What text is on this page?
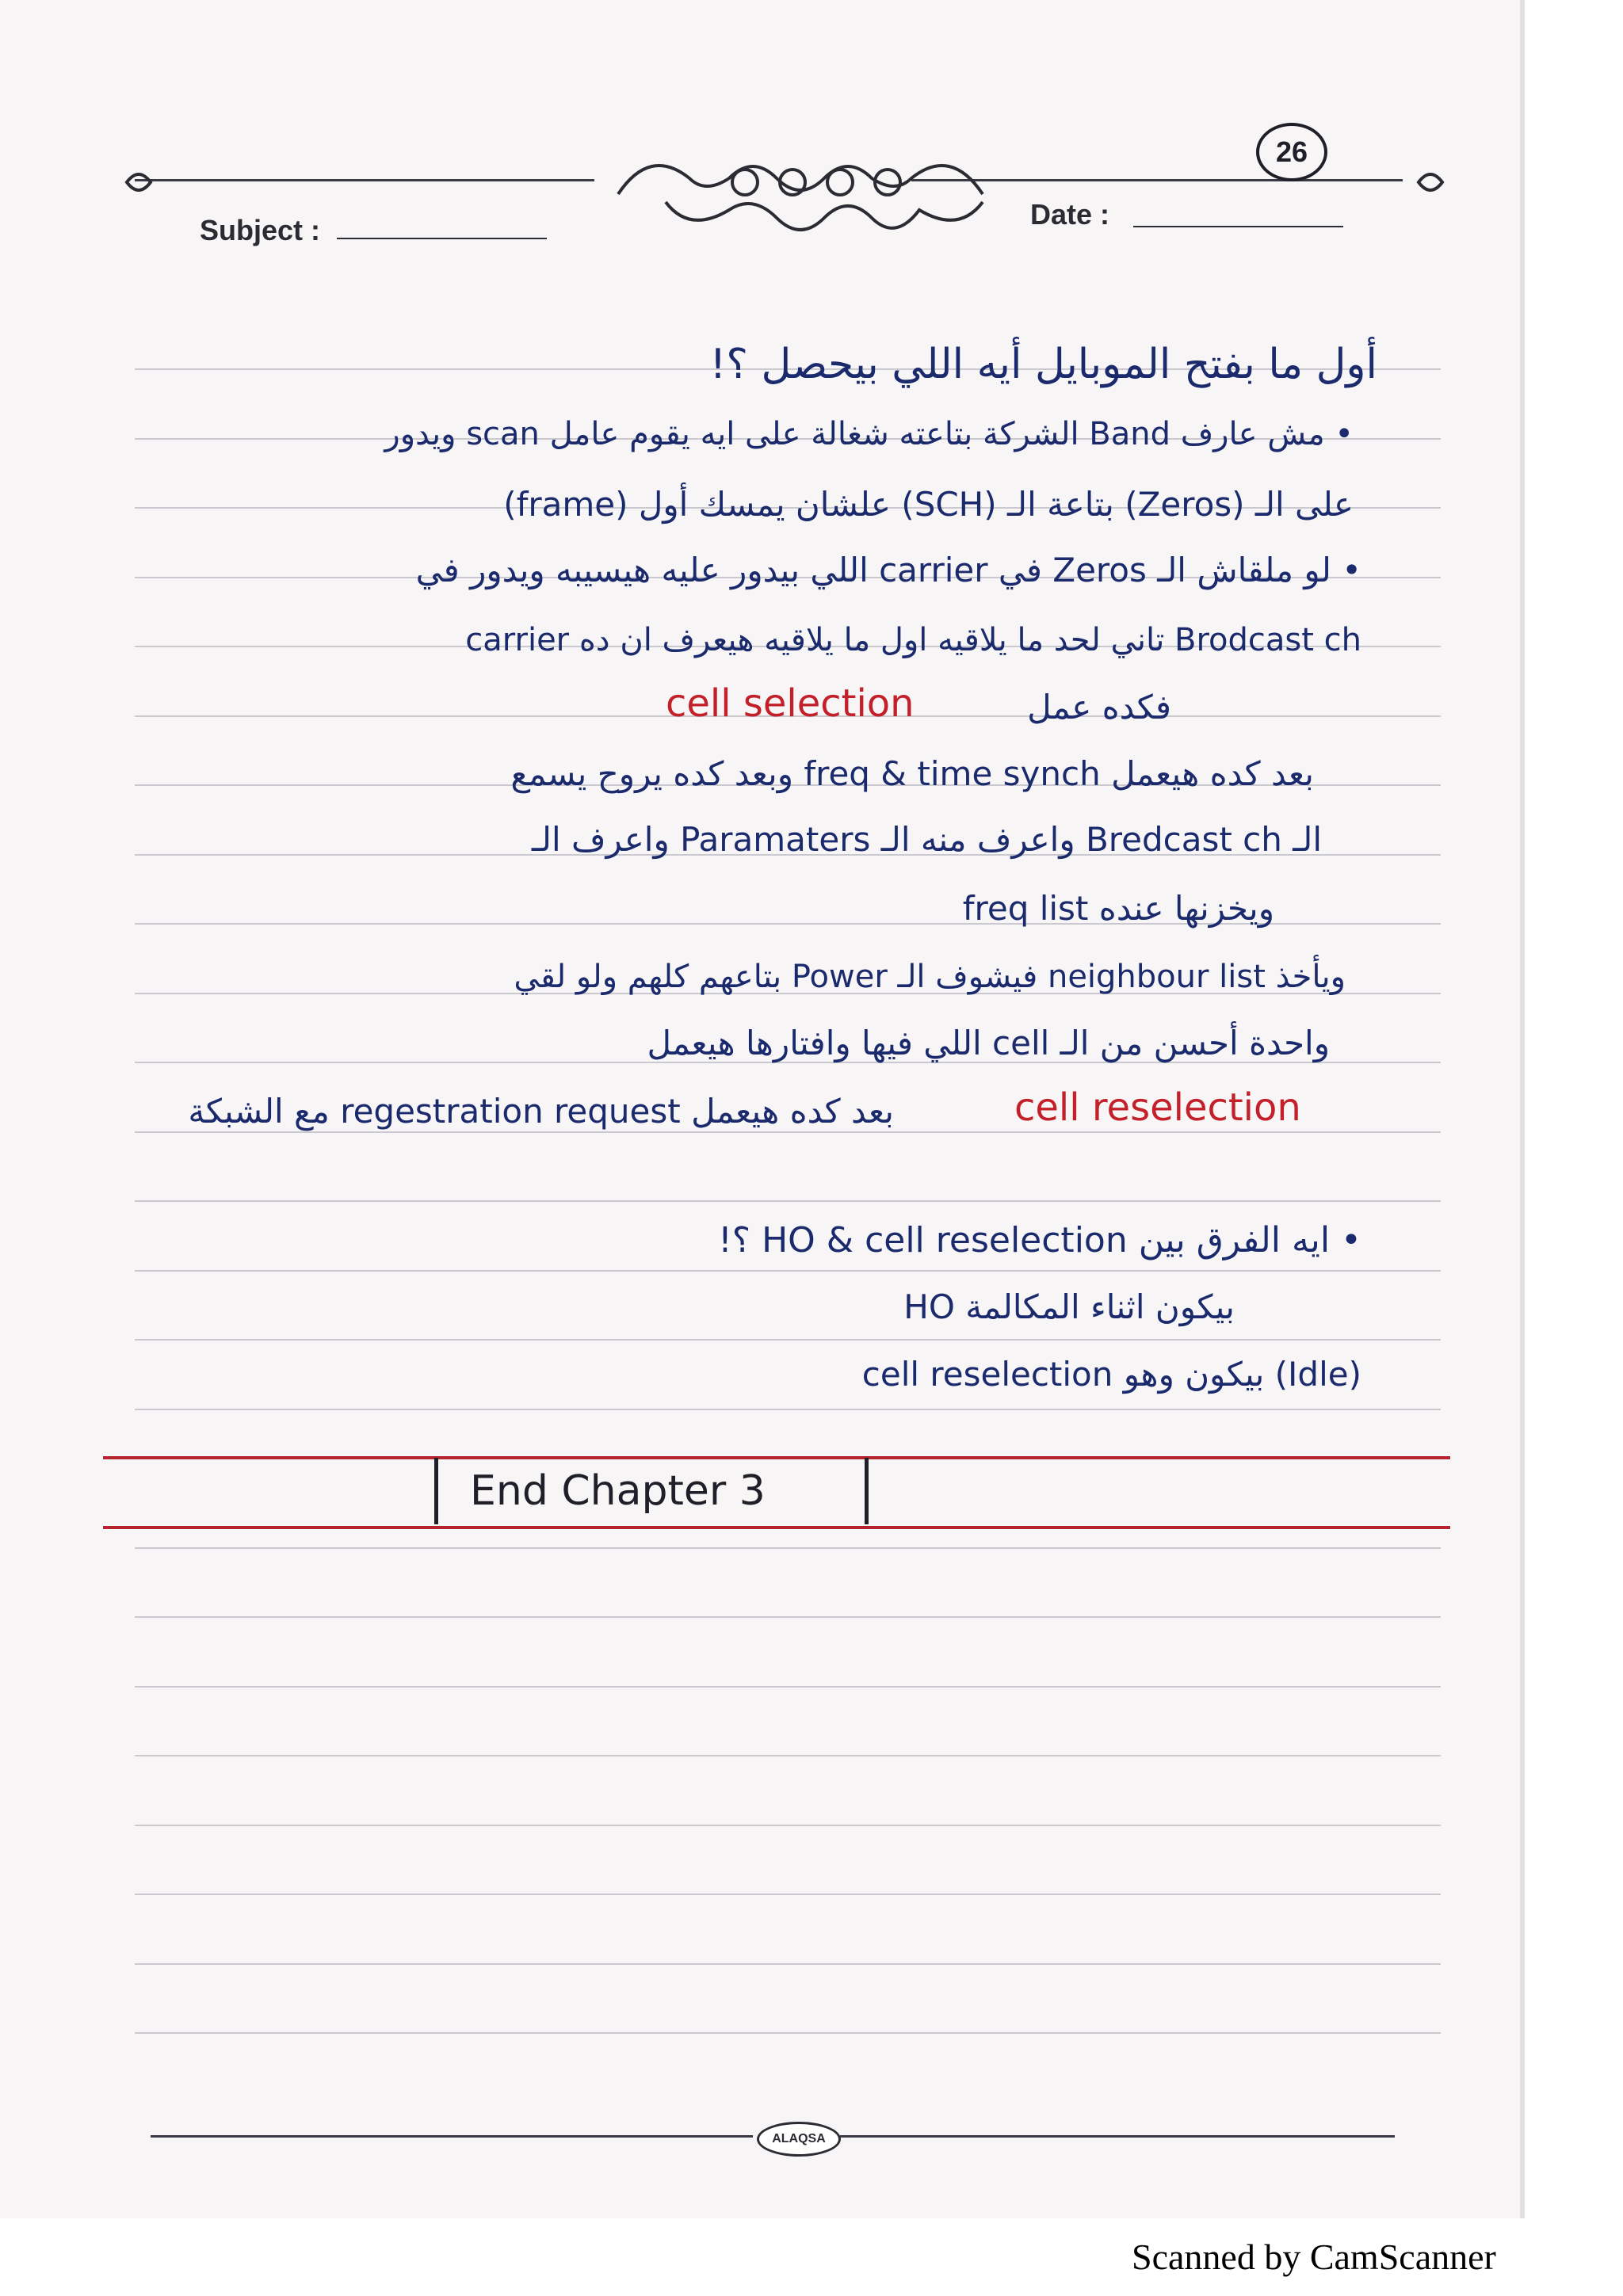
26
Subject :	Date :
أول ما بفتح الموبايل أيه اللي بيحصل ؟!
• مش عارف Band الشركة بتاعته شغالة على ايه يقوم عامل scan ويدور
على الـ (Zeros) بتاعة الـ (SCH) علشان يمسك أول (frame)
• لو ملقاش الـ Zeros في carrier اللي بيدور عليه هيسيبه ويدور في
carrier تاني لحد ما يلاقيه اول ما يلاقيه هيعرف ان ده Brodcast ch
فكده عمل
cell selection
بعد كده هيعمل freq & time synch وبعد كده يروح يسمع
الـ Bredcast ch واعرف منه الـ Paramaters واعرف الـ
freq list ويخزنها عنده
ويأخذ neighbour list فيشوف الـ Power بتاعهم كلهم ولو لقي
واحدة أحسن من الـ cell اللي فيها وافتارها هيعمل
cell reselection
بعد كده هيعمل regestration request مع الشبكة
• ايه الفرق بين HO & cell reselection ؟!
HO بيكون اثناء المكالمة
cell reselection بيكون وهو (Idle)
End Chapter 3
ALAQSA
Scanned by CamScanner
